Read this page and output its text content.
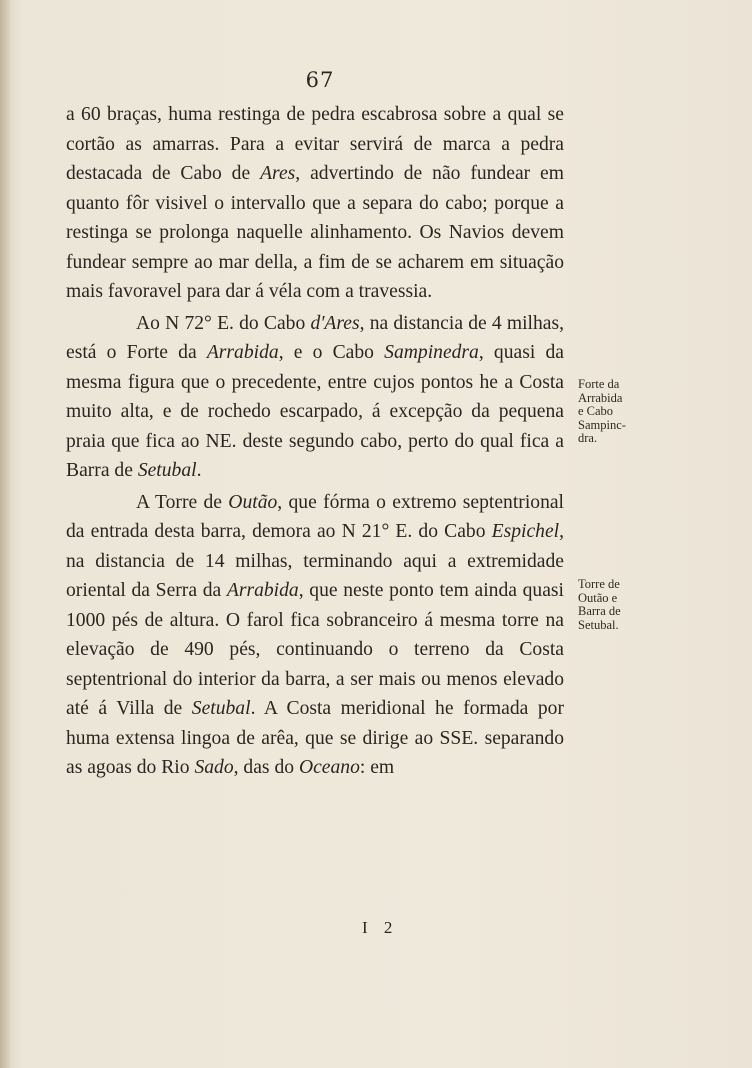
67

a 60 braças, huma restinga de pedra escabrosa sobre a qual se cortão as amarras. Para a evitar servirá de marca a pedra destacada de Cabo de Ares, advertindo de não fundear em quanto fôr visivel o intervallo que a separa do cabo; porque a restinga se prolonga naquelle alinhamento. Os Navios devem fundear sempre ao mar della, a fim de se acharem em situação mais favoravel para dar á véla com a travessia.

Ao N 72° E. do Cabo d'Ares, na distancia de 4 milhas, está o Forte da Arrabida, e o Cabo Sampinedra, quasi da mesma figura que o precedente, entre cujos pontos he a Costa muito alta, e de rochedo escarpado, á excepção da pequena praia que fica ao NE. deste segundo cabo, perto do qual fica a Barra de Setubal.

A Torre de Outão, que fórma o extremo septentrional da entrada desta barra, demora ao N 21° E. do Cabo Espichel, na distancia de 14 milhas, terminando aqui a extremidade oriental da Serra da Arrabida, que neste ponto tem ainda quasi 1000 pés de altura. O farol fica sobranceiro á mesma torre na elevação de 490 pés, continuando o terreno da Costa septentrional do interior da barra, a ser mais ou menos elevado até á Villa de Setubal. A Costa meridional he formada por huma extensa lingoa de arêa, que se dirige ao SSE. separando as agoas do Rio Sado, das do Oceano: em

Forte da
Arrabida
e Cabo
Sampinc-
dra.
Torre de
Outão e
Barra de
Setubal.
I 2
